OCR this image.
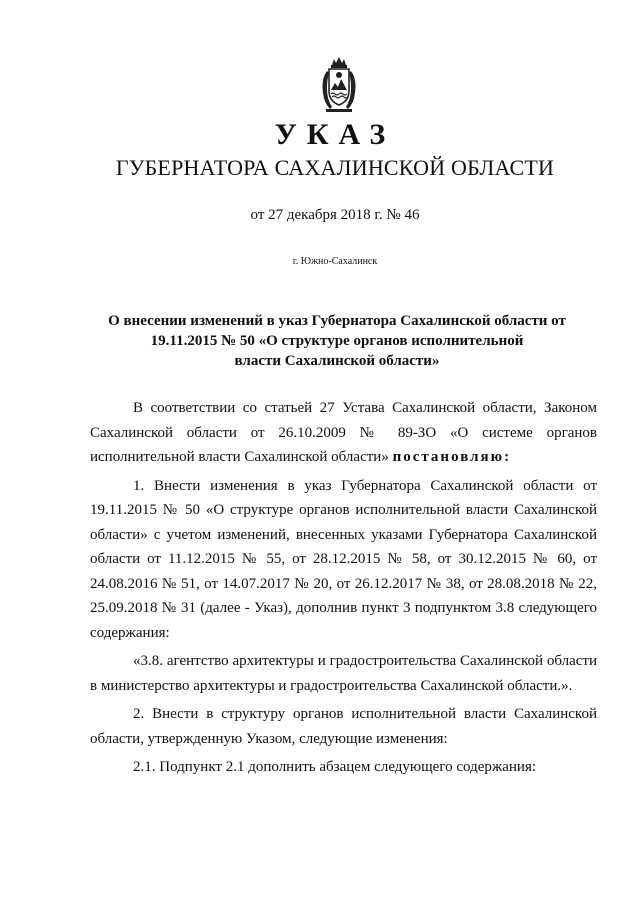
УКАЗ
ГУБЕРНАТОРА САХАЛИНСКОЙ ОБЛАСТИ
от 27 декабря 2018 г. № 46
г. Южно-Сахалинск
О внесении изменений в указ Губернатора Сахалинской области от
19.11.2015 № 50 «О структуре органов исполнительной
власти Сахалинской области»

В соответствии со статьей 27 Устава Сахалинской области, Законом Сахалинской области от 26.10.2009 № 89-ЗО «О системе органов исполнительной власти Сахалинской области» постановляю:

1. Внести изменения в указ Губернатора Сахалинской области от 19.11.2015 № 50 «О структуре органов исполнительной власти Сахалинской области» с учетом изменений, внесенных указами Губернатора Сахалинской области от 11.12.2015 № 55, от 28.12.2015 № 58, от 30.12.2015 № 60, от 24.08.2016 № 51, от 14.07.2017 № 20, от 26.12.2017 № 38, от 28.08.2018 № 22, 25.09.2018 № 31 (далее - Указ), дополнив пункт 3 подпунктом 3.8 следующего содержания:

«3.8. агентство архитектуры и градостроительства Сахалинской области в министерство архитектуры и градостроительства Сахалинской области.».

2. Внести в структуру органов исполнительной власти Сахалинской области, утвержденную Указом, следующие изменения:

2.1. Подпункт 2.1 дополнить абзацем следующего содержания:
